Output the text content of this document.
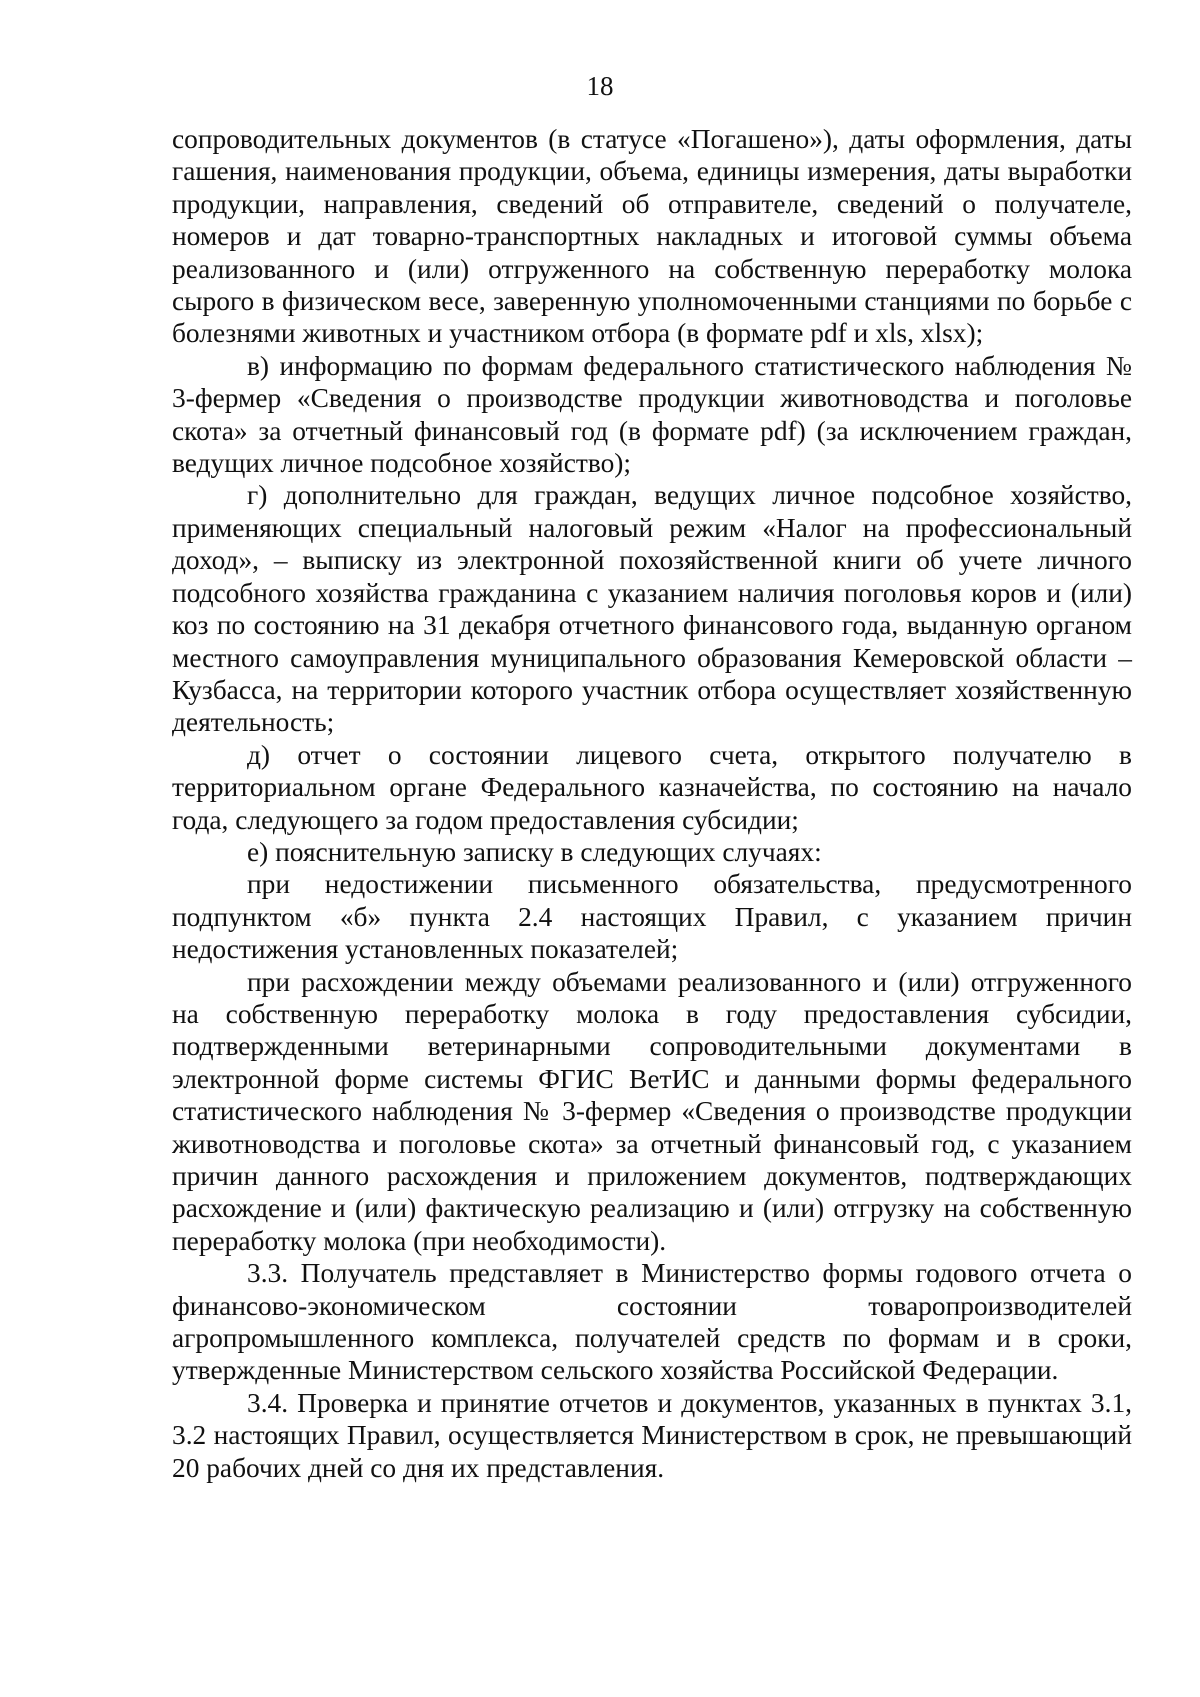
18

сопроводительных документов (в статусе «Погашено»), даты оформления, даты гашения, наименования продукции, объема, единицы измерения, даты выработки продукции, направления, сведений об отправителе, сведений о получателе, номеров и дат товарно-транспортных накладных и итоговой суммы объема реализованного и (или) отгруженного на собственную переработку молока сырого в физическом весе, заверенную уполномоченными станциями по борьбе с болезнями животных и участником отбора (в формате pdf и xls, xlsx);

в) информацию по формам федерального статистического наблюдения № 3-фермер «Сведения о производстве продукции животноводства и поголовье скота» за отчетный финансовый год (в формате pdf) (за исключением граждан, ведущих личное подсобное хозяйство);

г) дополнительно для граждан, ведущих личное подсобное хозяйство, применяющих специальный налоговый режим «Налог на профессиональный доход», – выписку из электронной похозяйственной книги об учете личного подсобного хозяйства гражданина с указанием наличия поголовья коров и (или) коз по состоянию на 31 декабря отчетного финансового года, выданную органом местного самоуправления муниципального образования Кемеровской области – Кузбасса, на территории которого участник отбора осуществляет хозяйственную деятельность;

д) отчет о состоянии лицевого счета, открытого получателю в территориальном органе Федерального казначейства, по состоянию на начало года, следующего за годом предоставления субсидии;

е) пояснительную записку в следующих случаях:

при недостижении письменного обязательства, предусмотренного подпунктом «б» пункта 2.4 настоящих Правил, с указанием причин недостижения установленных показателей;

при расхождении между объемами реализованного и (или) отгруженного на собственную переработку молока в году предоставления субсидии, подтвержденными ветеринарными сопроводительными документами в электронной форме системы ФГИС ВетИС и данными формы федерального статистического наблюдения № 3-фермер «Сведения о производстве продукции животноводства и поголовье скота» за отчетный финансовый год, с указанием причин данного расхождения и приложением документов, подтверждающих расхождение и (или) фактическую реализацию и (или) отгрузку на собственную переработку молока (при необходимости).

3.3. Получатель представляет в Министерство формы годового отчета о финансово-экономическом состоянии товаропроизводителей агропромышленного комплекса, получателей средств по формам и в сроки, утвержденные Министерством сельского хозяйства Российской Федерации.

3.4. Проверка и принятие отчетов и документов, указанных в пунктах 3.1, 3.2 настоящих Правил, осуществляется Министерством в срок, не превышающий 20 рабочих дней со дня их представления.
